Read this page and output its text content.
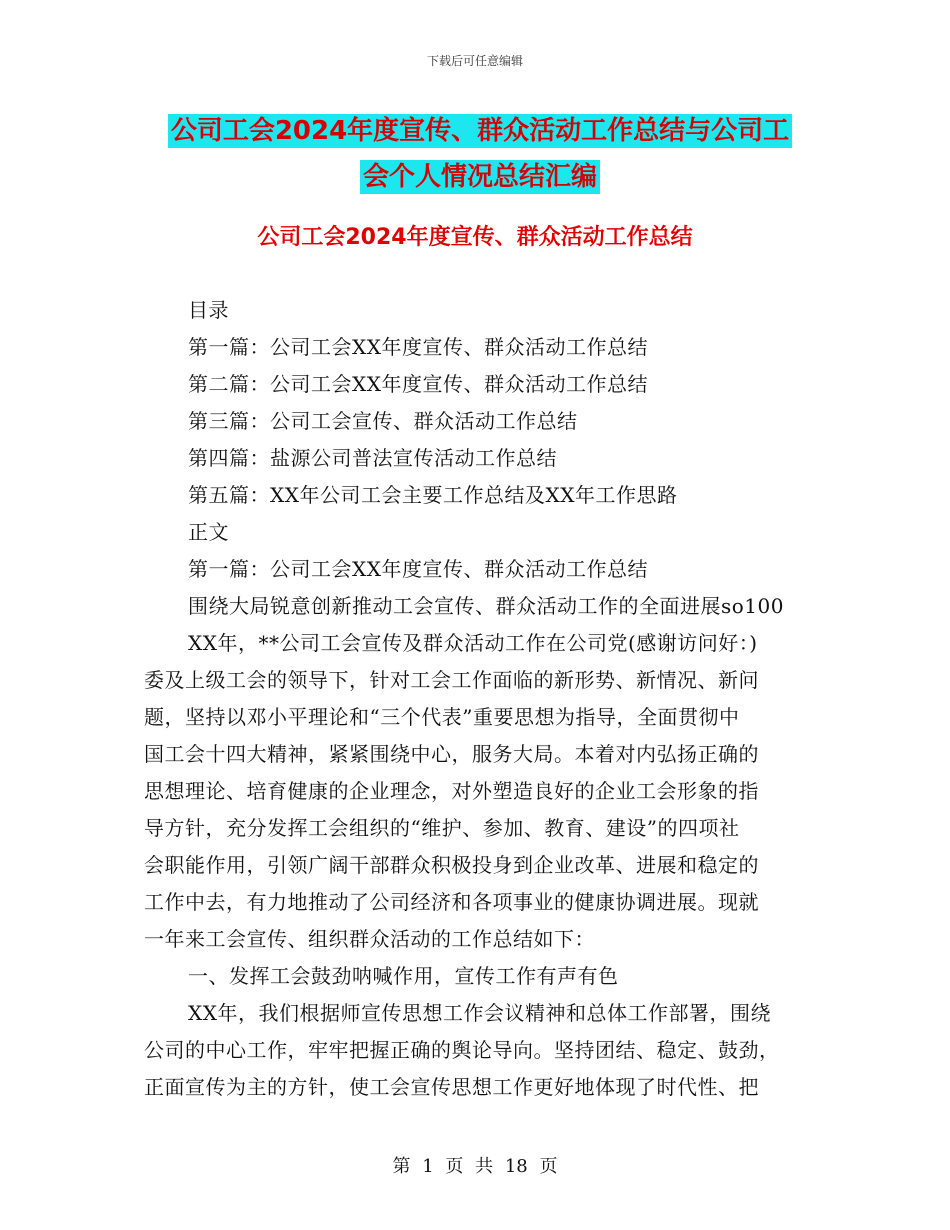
下载后可任意编辑
公司工会2024年度宣传、群众活动工作总结与公司工
会个人情况总结汇编
公司工会2024年度宣传、群众活动工作总结
目录
第一篇：公司工会XX年度宣传、群众活动工作总结
第二篇：公司工会XX年度宣传、群众活动工作总结
第三篇：公司工会宣传、群众活动工作总结
第四篇：盐源公司普法宣传活动工作总结
第五篇：XX年公司工会主要工作总结及XX年工作思路
正文
第一篇：公司工会XX年度宣传、群众活动工作总结
围绕大局锐意创新推动工会宣传、群众活动工作的全面进展so100
XX年，**公司工会宣传及群众活动工作在公司党(感谢访问好：)
委及上级工会的领导下，针对工会工作面临的新形势、新情况、新问
题，坚持以邓小平理论和“三个代表”重要思想为指导，全面贯彻中
国工会十四大精神，紧紧围绕中心，服务大局。本着对内弘扬正确的
思想理论、培育健康的企业理念，对外塑造良好的企业工会形象的指
导方针，充分发挥工会组织的“维护、参加、教育、建设”的四项社
会职能作用，引领广阔干部群众积极投身到企业改革、进展和稳定的
工作中去，有力地推动了公司经济和各项事业的健康协调进展。现就
一年来工会宣传、组织群众活动的工作总结如下：
一、发挥工会鼓劲呐喊作用，宣传工作有声有色
XX年，我们根据师宣传思想工作会议精神和总体工作部署，围绕
公司的中心工作，牢牢把握正确的舆论导向。坚持团结、稳定、鼓劲，
正面宣传为主的方针，使工会宣传思想工作更好地体现了时代性、把
第 1 页 共 18 页
